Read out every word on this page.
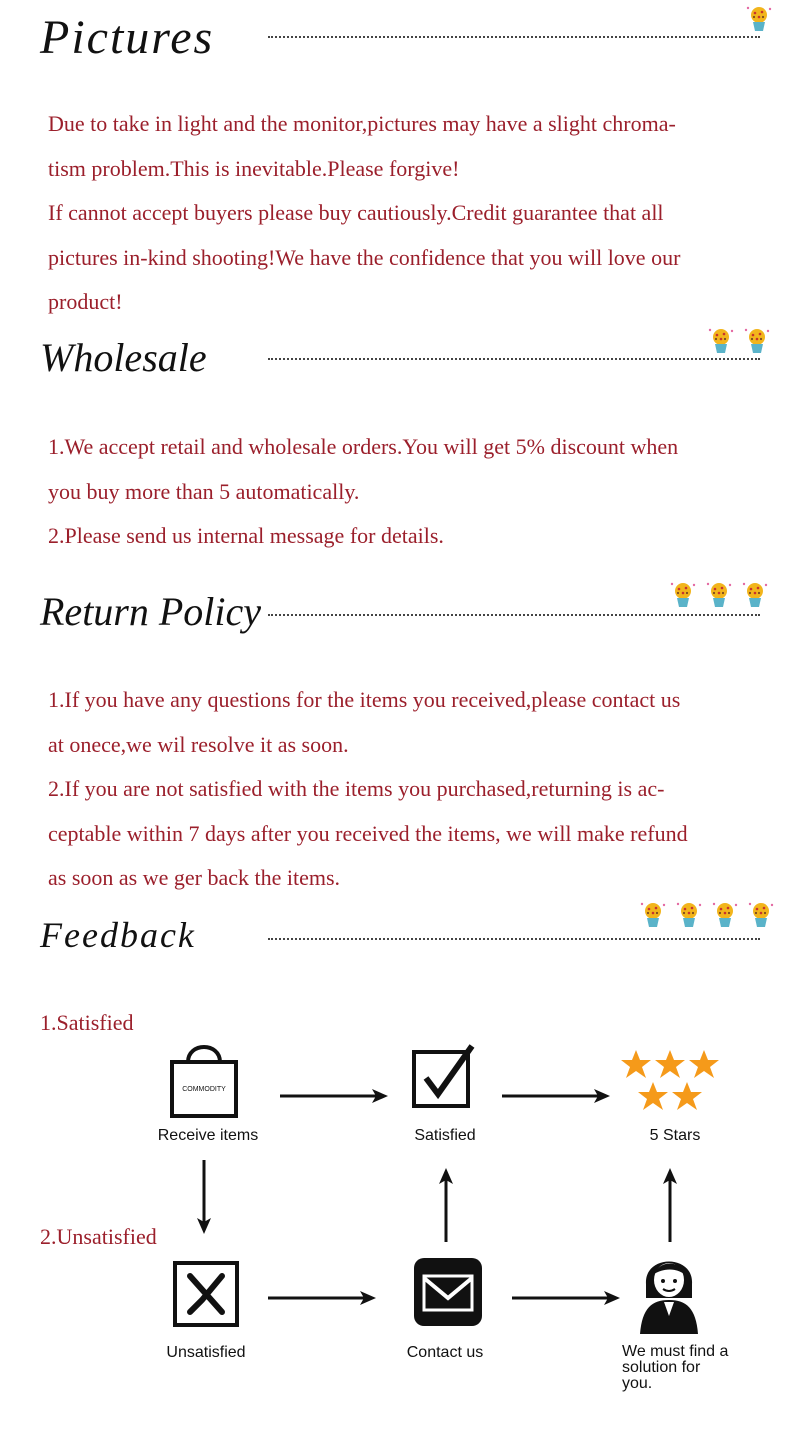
Pictures

Due to take in light and the monitor,pictures may have a slight chroma-

tism problem.This is inevitable.Please forgive!

If cannot accept buyers please buy cautiously.Credit guarantee that all

pictures in-kind shooting!We have the confidence that you will love our

product!

Wholesale

1.We accept retail and wholesale orders.You will get 5% discount when

you buy more than 5 automatically.

2.Please send us internal message for details.

Return Policy

1.If you have any questions for the items you received,please contact us

at onece,we wil resolve it as soon.

2.If you are not satisfied with the items you purchased,returning is ac-

ceptable within 7 days after you received the items, we will make refund

as soon as we ger back the items.

Feedback

1.Satisfied

2.Unsatisfied

COMMODITY

Receive items	Satisfied	5 Stars

Unsatisfied	Contact us	We must find a solution for you.
